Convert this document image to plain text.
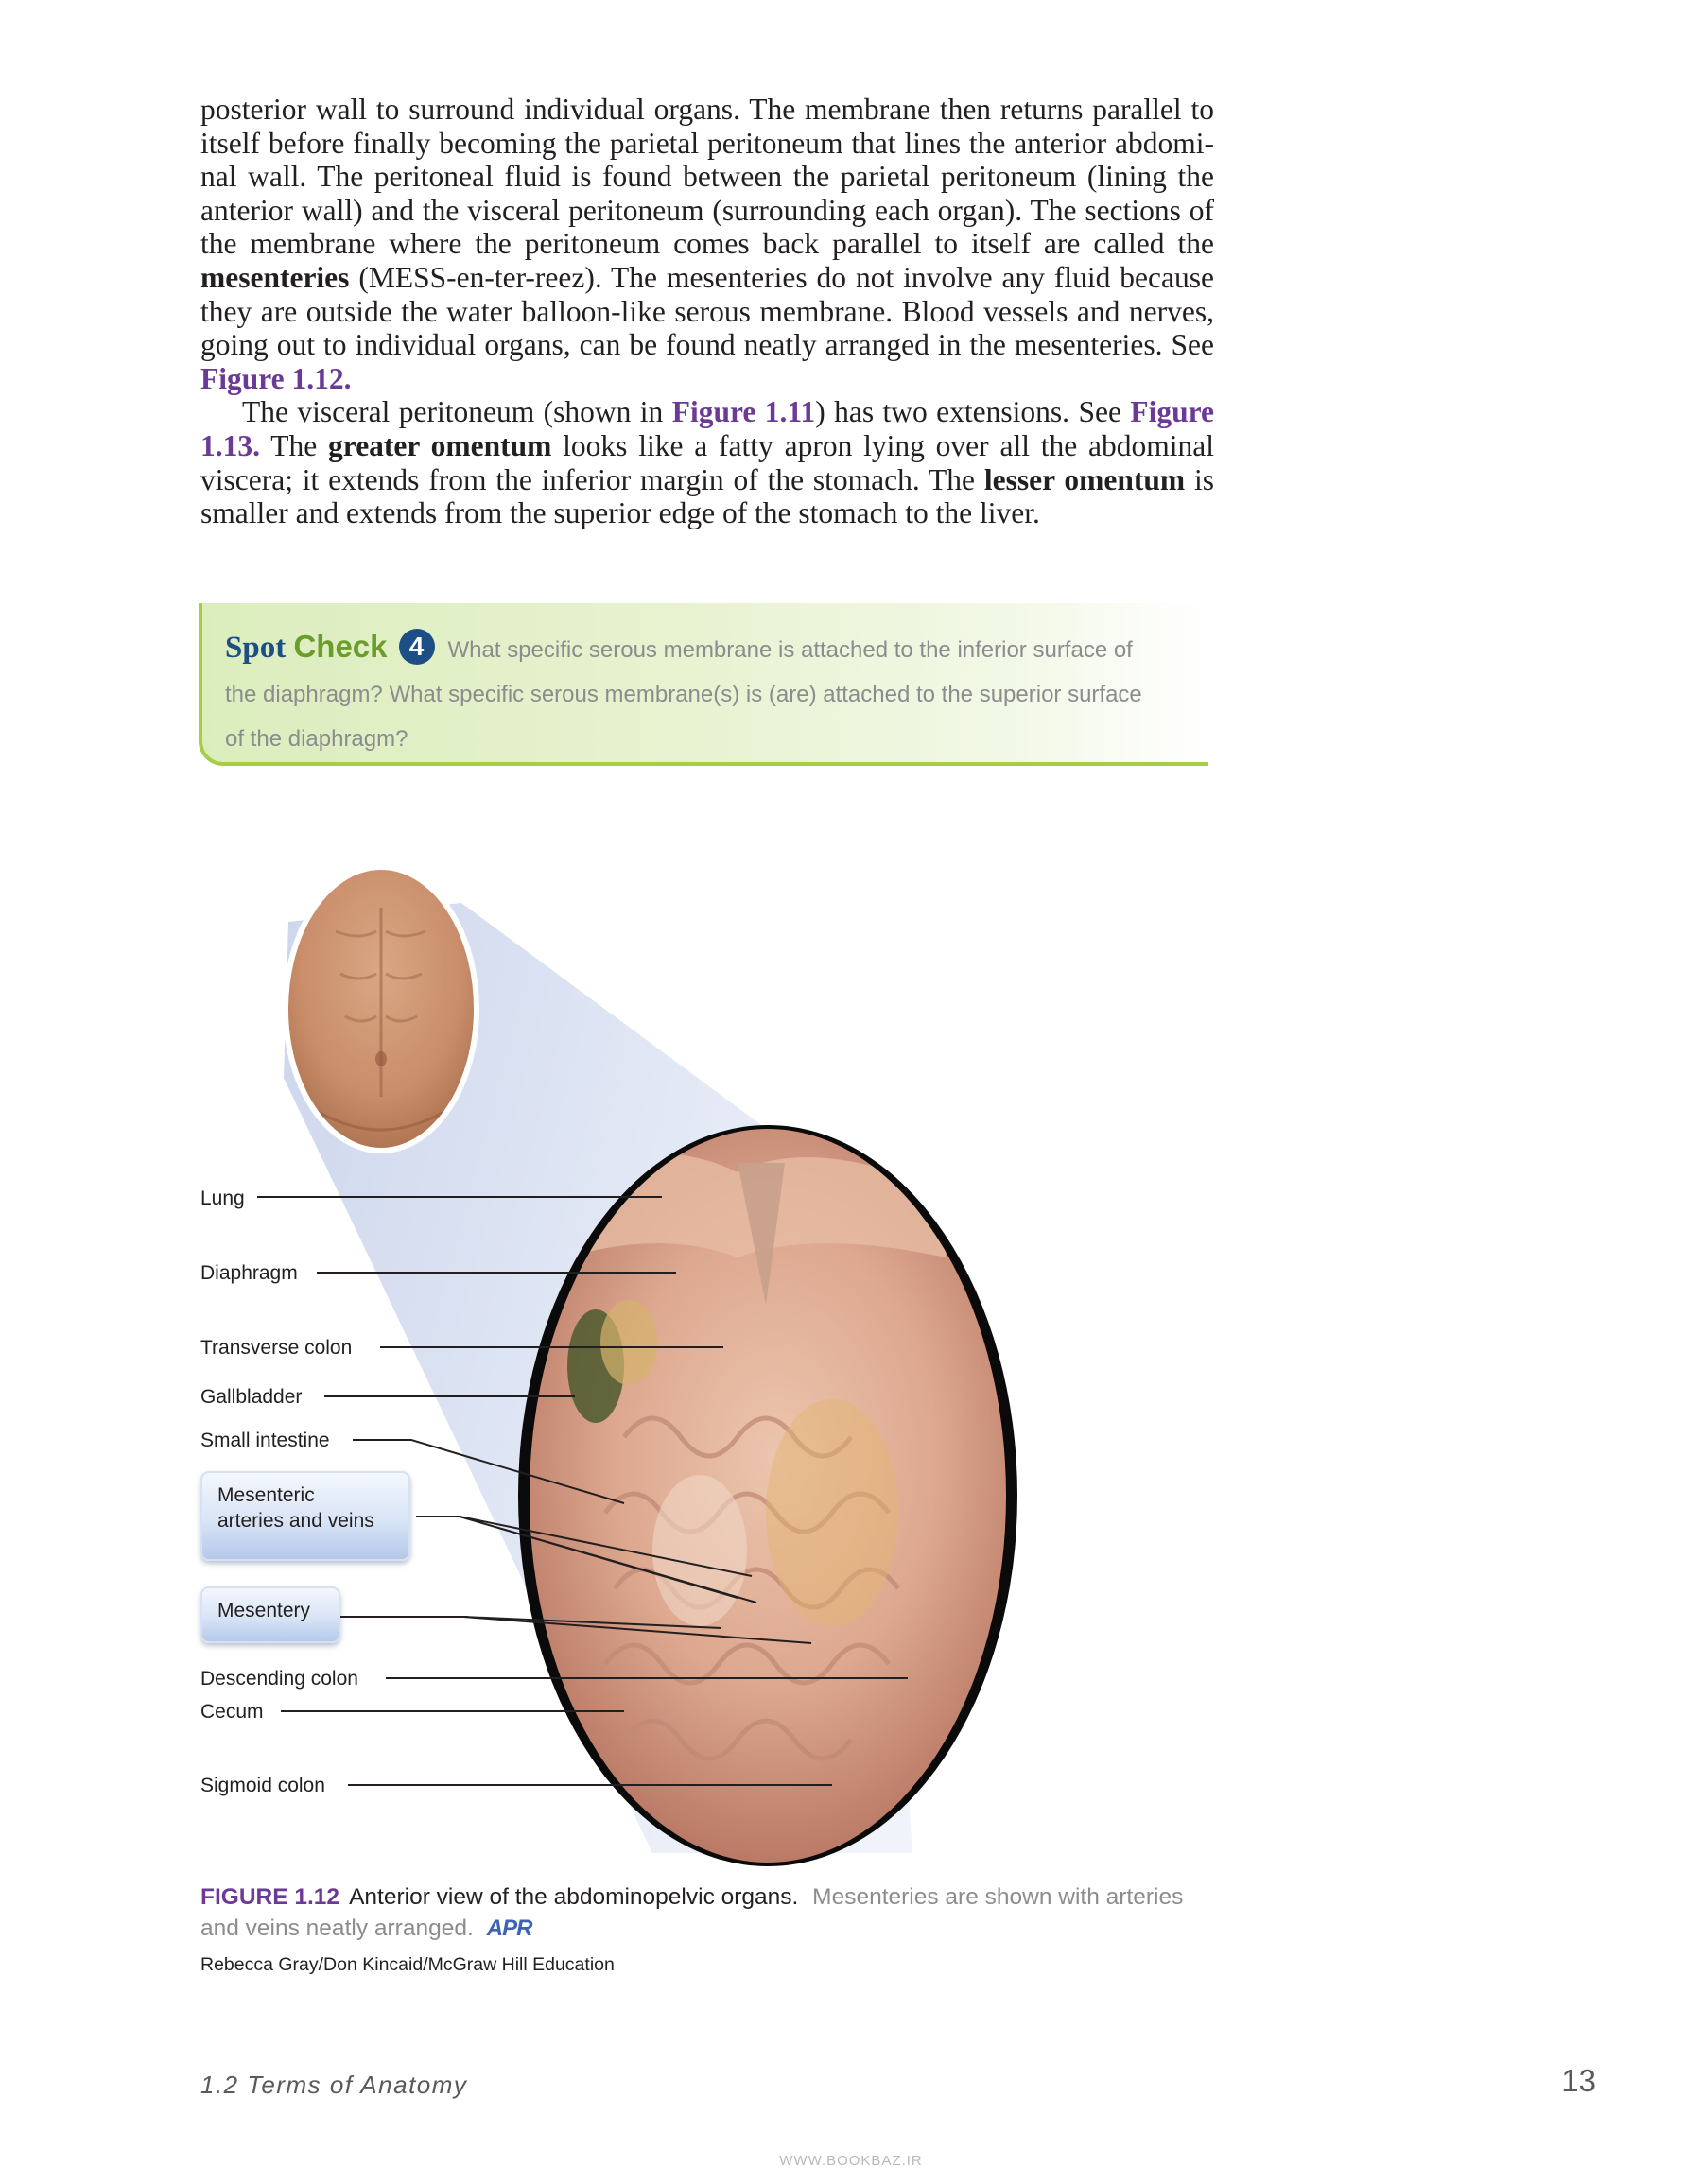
posterior wall to surround individual organs. The membrane then returns parallel to itself before finally becoming the parietal peritoneum that lines the anterior abdomi-nal wall. The peritoneal fluid is found between the parietal peritoneum (lining the anterior wall) and the visceral peritoneum (surrounding each organ). The sections of the membrane where the peritoneum comes back parallel to itself are called the mesenteries (MESS-en-ter-reez). The mesenteries do not involve any fluid because they are outside the water balloon-like serous membrane. Blood vessels and nerves, going out to individual organs, can be found neatly arranged in the mesenteries. See Figure 1.12.

The visceral peritoneum (shown in Figure 1.11) has two extensions. See Figure 1.13. The greater omentum looks like a fatty apron lying over all the abdominal viscera; it extends from the inferior margin of the stomach. The lesser omentum is smaller and extends from the superior edge of the stomach to the liver.

Spot Check 4 What specific serous membrane is attached to the inferior surface of the diaphragm? What specific serous membrane(s) is (are) attached to the superior surface of the diaphragm?
Lung
Diaphragm
Transverse colon
Gallbladder
Small intestine
Mesenteric
arteries and veins
Mesentery
Descending colon
Cecum
Sigmoid colon
FIGURE 1.12 Anterior view of the abdominopelvic organs. Mesenteries are shown with arteries and veins neatly arranged. APR
Rebecca Gray/Don Kincaid/McGraw Hill Education
1.2 Terms of Anatomy	13
WWW.BOOKBAZ.IR
